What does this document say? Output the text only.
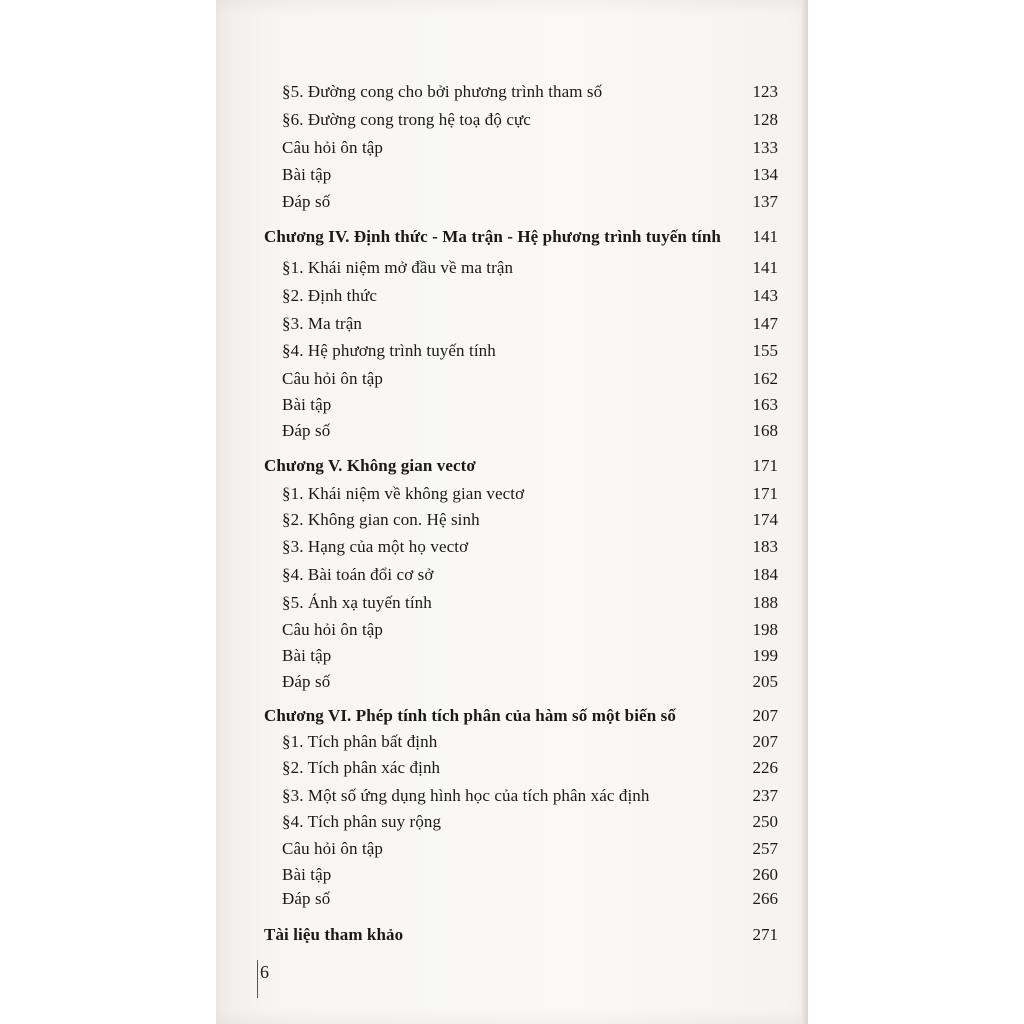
§5. Đường cong cho bởi phương trình tham số	123
§6. Đường cong trong hệ toạ độ cực	128
Câu hỏi ôn tập	133
Bài tập	134
Đáp số	137
Chương IV. Định thức - Ma trận - Hệ phương trình tuyến tính 141
§1. Khái niệm mở đầu về ma trận	141
§2. Định thức	143
§3. Ma trận	147
§4. Hệ phương trình tuyến tính	155
Câu hỏi ôn tập	162
Bài tập	163
Đáp số	168
Chương V. Không gian vectơ	171
§1. Khái niệm về không gian vectơ	171
§2. Không gian con. Hệ sinh	174
§3. Hạng của một họ vectơ	183
§4. Bài toán đổi cơ sở	184
§5. Ánh xạ tuyến tính	188
Câu hỏi ôn tập	198
Bài tập	199
Đáp số	205
Chương VI. Phép tính tích phân của hàm số một biến số	207
§1. Tích phân bất định	207
§2. Tích phân xác định	226
§3. Một số ứng dụng hình học của tích phân xác định	237
§4. Tích phân suy rộng	250
Câu hỏi ôn tập	257
Bài tập	260
Đáp số	266
Tài liệu tham khảo	271
6
